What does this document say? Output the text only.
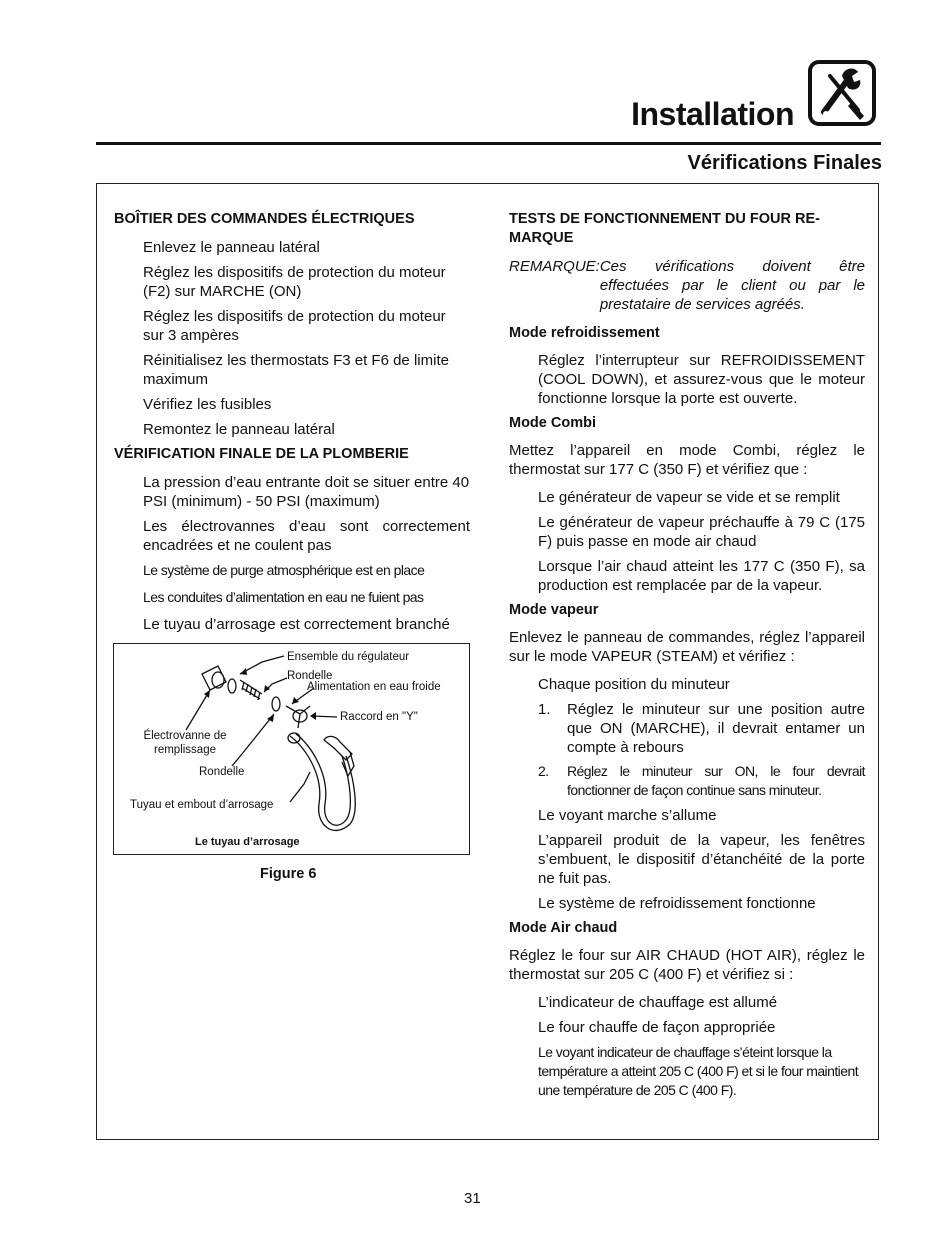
Installation
Vérifications Finales
BOÎTIER DES COMMANDES ÉLECTRIQUES
Enlevez le panneau latéral
Réglez les dispositifs de protection du moteur (F2) sur MARCHE (ON)
Réglez les dispositifs de protection du moteur sur 3 ampères
Réinitialisez les thermostats F3 et F6 de limite maximum
Vérifiez les fusibles
Remontez le panneau latéral
VÉRIFICATION FINALE DE LA PLOMBERIE
La pression d’eau entrante doit se situer entre 40 PSI (minimum) - 50 PSI (maximum)
Les électrovannes d’eau sont correctement encadrées et ne coulent pas
Le système de purge atmosphérique est en place
Les conduites d’alimentation en eau ne fuient pas
Le tuyau d’arrosage est correctement branché
Ensemble du régulateur
Rondelle
Alimentation en eau froide
Raccord en "Y"
Électrovanne de remplissage
Rondelle
Tuyau et embout d’arrosage
Le tuyau d’arrosage
Figure 6
TESTS DE FONCTIONNEMENT DU FOUR RE-MARQUE
REMARQUE: Ces vérifications doivent être effectuées par le client ou par le prestataire de services agréés.
Mode refroidissement
Réglez l’interrupteur sur REFROIDISSEMENT (COOL DOWN), et assurez-vous que le moteur fonctionne lorsque la porte est ouverte.
Mode Combi
Mettez l’appareil en mode Combi, réglez le thermostat sur 177 C (350 F) et vérifiez que :
Le générateur de vapeur se vide et se remplit
Le générateur de vapeur préchauffe à 79 C (175 F) puis passe en mode air chaud
Lorsque l’air chaud atteint les 177 C (350 F), sa production est remplacée par de la vapeur.
Mode vapeur
Enlevez le panneau de commandes, réglez l’appareil sur le mode VAPEUR (STEAM) et vérifiez :
Chaque position du minuteur
1.	Réglez le minuteur sur une position autre que ON (MARCHE), il devrait entamer un compte à rebours
2.	Réglez le minuteur sur ON, le four devrait fonctionner de façon continue sans minuteur.
Le voyant marche s’allume
L’appareil produit de la vapeur, les fenêtres s’embuent, le dispositif d’étanchéité de la porte ne fuit pas.
Le système de refroidissement fonctionne
Mode Air chaud
Réglez le four sur AIR CHAUD (HOT AIR), réglez le thermostat sur 205 C (400 F) et vérifiez si :
L’indicateur de chauffage est allumé
Le four chauffe de façon appropriée
Le voyant indicateur de chauffage s’éteint lorsque la température a atteint 205 C (400 F) et si le four maintient une température de 205 C (400 F).
31
